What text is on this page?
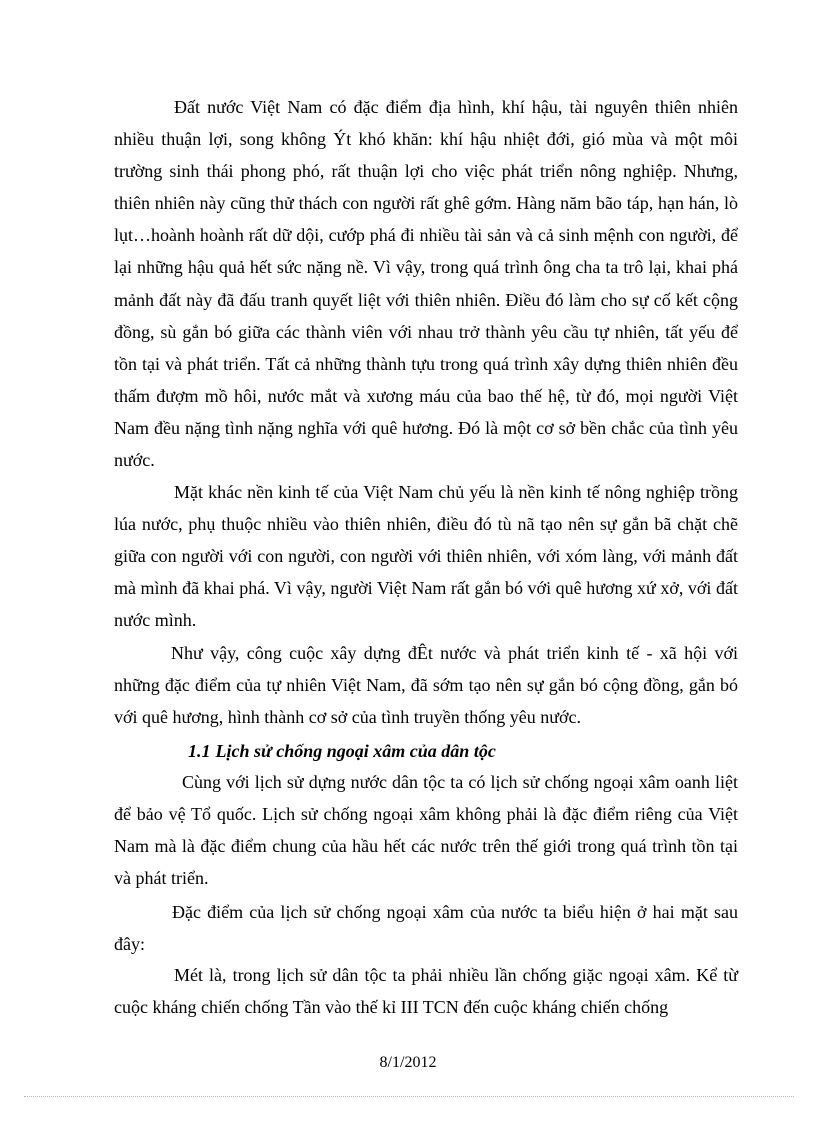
Đất nước Việt Nam có đặc điểm địa hình, khí hậu, tài nguyên thiên nhiên nhiều thuận lợi, song không Ýt khó khăn: khí hậu nhiệt đới, gió mùa và một môi trường sinh thái phong phó, rất thuận lợi cho việc phát triển nông nghiệp. Nhưng, thiên nhiên này cũng thử thách con người rất ghê gớm. Hàng năm bão táp, hạn hán, lò lụt…hoành hoành rất dữ dội, cướp phá đi nhiều tài sản và cả sinh mệnh con người, để lại những hậu quả hết sức nặng nề. Vì vậy, trong quá trình ông cha ta trô lại, khai phá mảnh đất này đã đấu tranh quyết liệt với thiên nhiên. Điều đó làm cho sự cố kết cộng đồng, sù gắn bó giữa các thành viên với nhau trở thành yêu cầu tự nhiên, tất yếu để tồn tại và phát triển. Tất cả những thành tựu trong quá trình xây dựng thiên nhiên đều thấm đượm mồ hôi, nước mắt và xương máu của bao thế hệ, từ đó, mọi người Việt Nam đều nặng tình nặng nghĩa với quê hương. Đó là một cơ sở bền chắc của tình yêu nước.

Mặt khác nền kinh tế của Việt Nam chủ yếu là nền kinh tế nông nghiệp trồng lúa nước, phụ thuộc nhiều vào thiên nhiên, điều đó tù nã tạo nên sự gắn bã chặt chẽ giữa con người với con người, con người với thiên nhiên, với xóm làng, với mảnh đất mà mình đã khai phá. Vì vậy, người Việt Nam rất gắn bó với quê hương xứ xở, với đất nước mình.

Như vậy, công cuộc xây dựng đÊt nước và phát triển kinh tế - xã hội với những đặc điểm của tự nhiên Việt Nam, đã sớm tạo nên sự gắn bó cộng đồng, gắn bó với quê hương, hình thành cơ sở của tình truyền thống yêu nước.

1.1 Lịch sử chống ngoại xâm của dân tộc

Cùng với lịch sử dựng nước dân tộc ta có lịch sử chống ngoại xâm oanh liệt để bảo vệ Tổ quốc. Lịch sử chống ngoại xâm không phải là đặc điểm riêng của Việt Nam mà là đặc điểm chung của hầu hết các nước trên thế giới trong quá trình tồn tại và phát triển.

Đặc điểm của lịch sử chống ngoại xâm của nước ta biểu hiện ở hai mặt sau đây:

Mét là, trong lịch sử dân tộc ta phải nhiều lần chống giặc ngoại xâm. Kể từ cuộc kháng chiến chống Tần vào thế kỉ III TCN đến cuộc kháng chiến chống

8/1/2012
